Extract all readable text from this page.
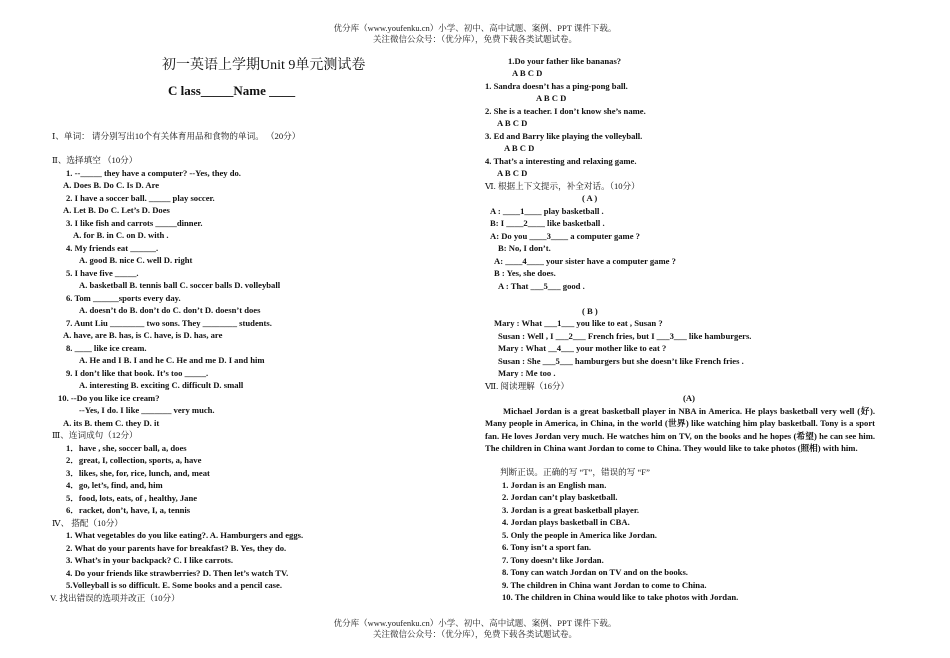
优分库（www.youfenku.cn）小学、初中、高中试题、案例、PPT 课件下载。
关注微信公众号：（优分库），免费下载各类试题试卷。
初一英语上学期Unit 9单元测试卷
C lass_____Name ____
Ⅰ、单词： 请分别写出10个有关体育用品和食物的单词。 （20分）
Ⅱ、选择填空 （10分）
1. --_____ they have a computer? --Yes, they do.
A. Does B. Do C. Is D. Are
2. I have a soccer ball. _____ play soccer.
A. Let B. Do C. Let’s D. Does
3. I like fish and carrots _____dinner.
A. for B. in C. on D. with .
4. My friends eat ______.
A. good B. nice C. well D. right
5. I have five _____.
A. basketball B. tennis ball C. soccer balls D. volleyball
6. Tom ______sports every day.
A. doesn’t do B. don’t do C. don’t D. doesn’t does
7. Aunt Liu ________ two sons. They ________ students.
A. have, are B. has, is C. have, is D. has, are
8. ____ like ice cream.
A. He and I B. I and he C. He and me D. I and him
9. I don’t like that book. It’s too _____.
A. interesting B. exciting C. difficult D. small
10. --Do you like ice cream?
--Yes, I do. I like _______ very much.
A. its B. them C. they D. it
Ⅲ、连词成句（12分）
1．have , she, soccer ball, a, does
2．great, I, collection, sports, a, have
3．likes, she, for, rice, lunch, and, meat
4．go, let’s, find, and, him
5．food, lots, eats, of , healthy, Jane
6．racket, don’t, have, I, a, tennis
Ⅳ、 搭配（10分）
1. What vegetables do you like eating?. A. Hamburgers and eggs.
2. What do your parents have for breakfast? B. Yes, they do.
3. What’s in your backpack? C. I like carrots.
4. Do your friends like strawberries? D. Then let’s watch TV.
5.Volleyball is so difficult. E. Some books and a pencil case.
V. 找出错误的选项并改正（10分）
1.Do your father like bananas?
A B C D
1. Sandra doesn’t has a ping-pong ball.
A B C D
2. She is a teacher. I don’t know she’s name.
A B C D
3. Ed and Barry like playing the volleyball.
A B C D
4. That’s a interesting and relaxing game.
A B C D
Ⅵ. 根据上下文提示，补全对话。（10分）
( A )
A : ____1____ play basketball .
B: I ____2____ like basketball .
A: Do you ____3____ a computer game ?
B: No, I don’t.
A: ____4____ your sister have a computer game ?
B : Yes, she does.
A : That ___5___ good .
( B )
Mary : What ___1___ you like to eat , Susan ?
Susan : Well , I ___2___ French fries, but I ___3___ like hamburgers.
Mary : What __4___ your mother like to eat ?
Susan : She ___5___ hamburgers but she doesn’t like French fries .
Mary : Me too .
Ⅶ. 阅读理解（16分）
(A)
Michael Jordan is a great basketball player in NBA in America. He plays basketball very well (好). Many people in America, in China, in the world (世界) like watching him play basketball. Tony is a sport fan. He loves Jordan very much. He watches him on TV, on the books and he hopes (希望) he can see him. The children in China want Jordan to come to China. They would like to take photos (照相) with him.
判断正误。正确的写 “T”，错误的写 “F”
1. Jordan is an English man.
2. Jordan can’t play basketball.
3. Jordan is a great basketball player.
4. Jordan plays basketball in CBA.
5. Only the people in America like Jordan.
6. Tony isn’t a sport fan.
7. Tony doesn’t like Jordan.
8. Tony can watch Jordan on TV and on the books.
9. The children in China want Jordan to come to China.
10. The children in China would like to take photos with Jordan.
优分库（www.youfenku.cn）小学、初中、高中试题、案例、PPT 课件下载。
关注微信公众号：（优分库），免费下载各类试题试卷。
